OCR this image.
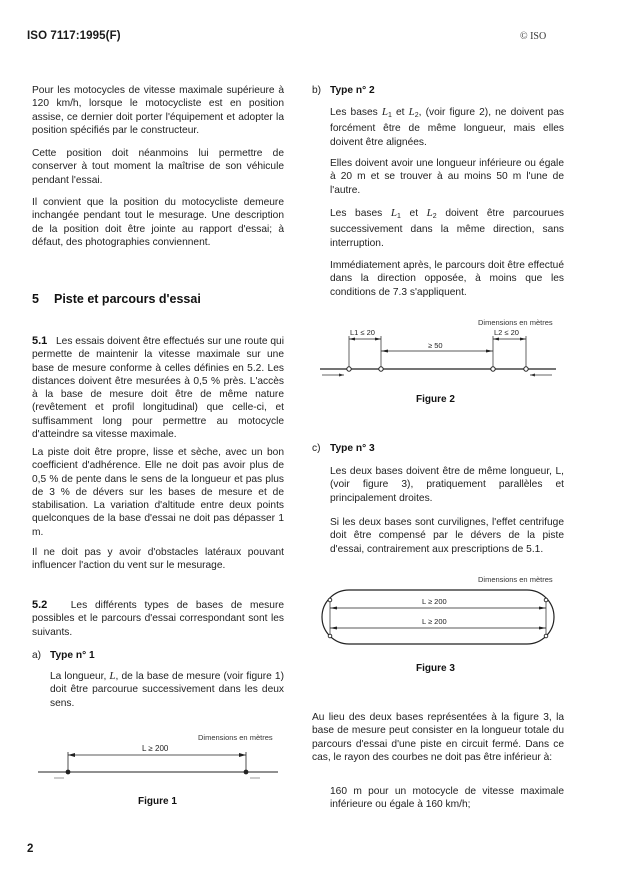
ISO 7117:1995(F)	© ISO

Pour les motocycles de vitesse maximale supérieure à 120 km/h, lorsque le motocycliste est en position assise, ce dernier doit porter l'équipement et adopter la position spécifiés par le constructeur.

Cette position doit néanmoins lui permettre de conserver à tout moment la maîtrise de son véhicule pendant l'essai.

Il convient que la position du motocycliste demeure inchangée pendant tout le mesurage. Une description de la position doit être jointe au rapport d'essai; à défaut, des photographies conviennent.

5 Piste et parcours d'essai

5.1 Les essais doivent être effectués sur une route qui permette de maintenir la vitesse maximale sur une base de mesure conforme à celles définies en 5.2. Les distances doivent être mesurées à 0,5 % près. L'accès à la base de mesure doit être de même nature (revêtement et profil longitudinal) que celle-ci, et suffisamment long pour permettre au motocycle d'atteindre sa vitesse maximale.

La piste doit être propre, lisse et sèche, avec un bon coefficient d'adhérence. Elle ne doit pas avoir plus de 0,5 % de pente dans le sens de la longueur et pas plus de 3 % de dévers sur les bases de mesure et de stabilisation. La variation d'altitude entre deux points quelconques de la base d'essai ne doit pas dépasser 1 m.

Il ne doit pas y avoir d'obstacles latéraux pouvant influencer l'action du vent sur le mesurage.

5.2 Les différents types de bases de mesure possibles et le parcours d'essai correspondant sont les suivants.

a) Type n° 1

La longueur, L, de la base de mesure (voir figure 1) doit être parcourue successivement dans les deux sens.

Dimensions en mètres
L ≥ 200
Figure 1
2
b) Type n° 2

Les bases $L_1$ et $L_2$, (voir figure 2), ne doivent pas forcément être de même longueur, mais elles doivent être alignées.

Elles doivent avoir une longueur inférieure ou égale à 20 m et se trouver à au moins 50 m l'une de l'autre.

Les bases $L_1$ et $L_2$ doivent être parcourues successivement dans la même direction, sans interruption.

Immédiatement après, le parcours doit être effectué dans la direction opposée, à moins que les conditions de 7.3 s'appliquent.

Dimensions en mètres
L1 ≤ 20
≥ 50
L2 ≤ 20
Figure 2
c) Type n° 3

Les deux bases doivent être de même longueur, L, (voir figure 3), pratiquement parallèles et principalement droites.

Si les deux bases sont curvilignes, l'effet centrifuge doit être compensé par le dévers de la piste d'essai, contrairement aux prescriptions de 5.1.

Dimensions en mètres
L ≥ 200
L ≥ 200
Figure 3

Au lieu des deux bases représentées à la figure 3, la base de mesure peut consister en la longueur totale du parcours d'essai d'une piste en circuit fermé. Dans ce cas, le rayon des courbes ne doit pas être inférieur à:

160 m pour un motocycle de vitesse maximale inférieure ou égale à 160 km/h;
